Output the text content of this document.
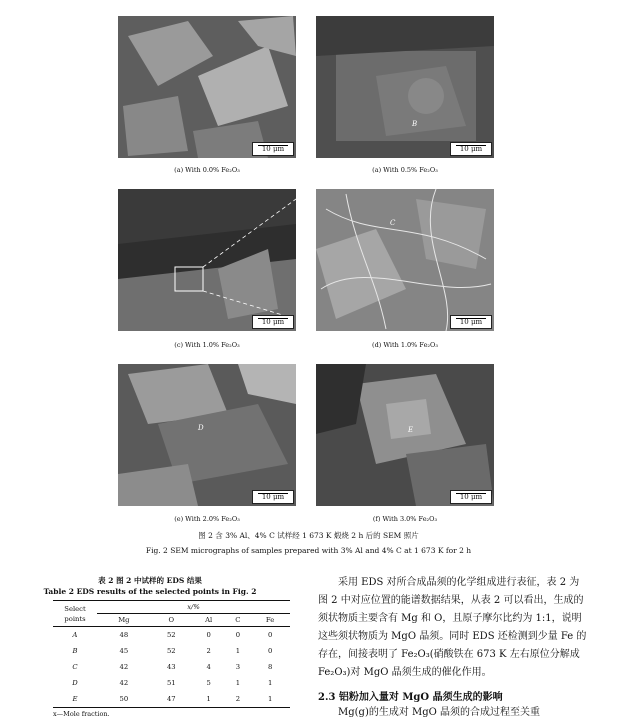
10 μm
(a) With 0.0% Fe₂O₃
B
10 μm
(a) With 0.5% Fe₂O₃
10 μm
(c) With 1.0% Fe₂O₃
C
10 μm
(d) With 1.0% Fe₂O₃
D
10 μm
(e) With 2.0% Fe₂O₃
E
10 μm
(f) With 3.0% Fe₂O₃
图 2 含 3% Al、4% C 试样经 1 673 K 煅烧 2 h 后的 SEM 照片
Fig. 2 SEM micrographs of samples prepared with 3% Al and 4% C at 1 673 K for 2 h
表 2 图 2 中试样的 EDS 结果
Table 2 EDS results of the selected points in Fig. 2
Select points	x/%				
	Mg	O	Al	C	Fe
A	48	52	0	0	0
B	45	52	2	1	0
C	42	43	4	3	8
D	42	51	5	1	1
E	50	47	1	2	1
x—Mole fraction.
采用 EDS 对所合成晶须的化学组成进行表征，表 2 为图 2 中对应位置的能谱数据结果，从表 2 可以看出，生成的须状物质主要含有 Mg 和 O，且原子摩尔比约为 1:1，说明这些须状物质为 MgO 晶须。同时 EDS 还检测到少量 Fe 的存在，间接表明了 Fe₂O₃(硝酸铁在 673 K 左右原位分解成 Fe₂O₃)对 MgO 晶须生成的催化作用。
2.3 铝粉加入量对 MgO 晶须生成的影响
Mg(g)的生成对 MgO 晶须的合成过程至关重
